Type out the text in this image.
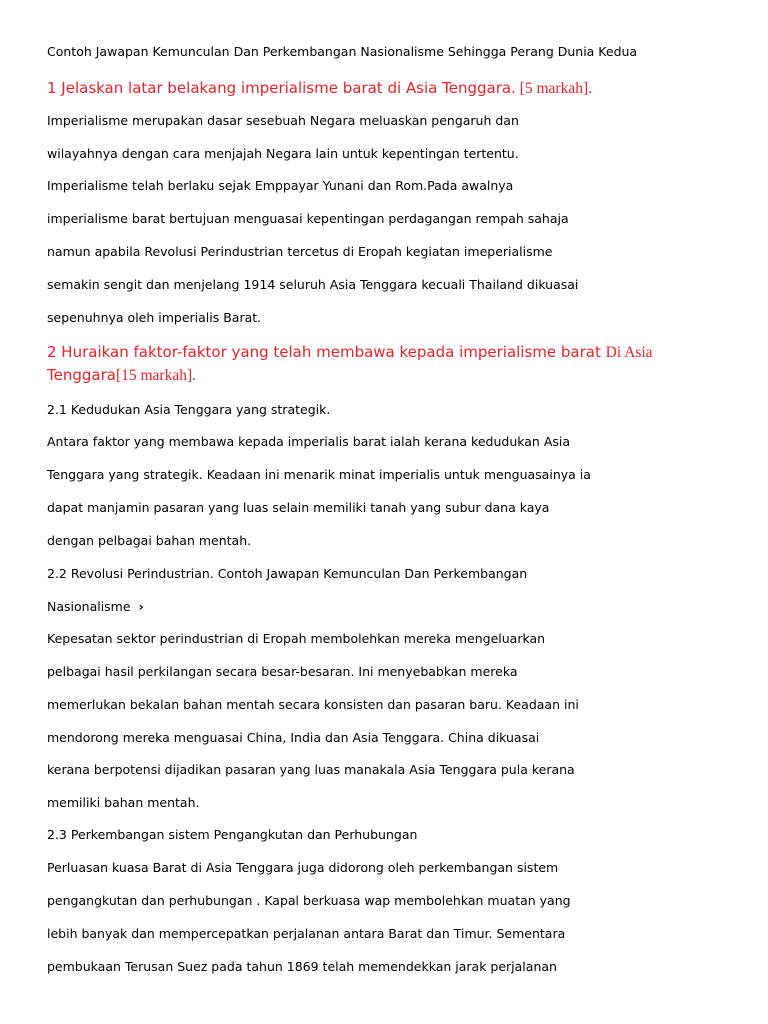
Contoh Jawapan Kemunculan Dan Perkembangan Nasionalisme Sehingga Perang Dunia Kedua
1 Jelaskan latar belakang imperialisme barat di Asia Tenggara. [5 markah].
Imperialisme merupakan dasar sesebuah Negara meluaskan pengaruh dan
wilayahnya dengan cara menjajah Negara lain untuk kepentingan tertentu.
Imperialisme telah berlaku sejak Emppayar Yunani dan Rom.Pada awalnya
imperialisme barat bertujuan menguasai kepentingan perdagangan rempah sahaja
namun apabila Revolusi Perindustrian tercetus di Eropah kegiatan imeperialisme
semakin sengit dan menjelang 1914 seluruh Asia Tenggara kecuali Thailand dikuasai
sepenuhnya oleh imperialis Barat.
2 Huraikan faktor-faktor yang telah membawa kepada imperialisme barat Di Asia
Tenggara[15 markah].
2.1 Kedudukan Asia Tenggara yang strategik.
Antara faktor yang membawa kepada imperialis barat ialah kerana kedudukan Asia
Tenggara yang strategik. Keadaan ini menarik minat imperialis untuk menguasainya ia
dapat manjamin pasaran yang luas selain memiliki tanah yang subur dana kaya
dengan pelbagai bahan mentah.
2.2 Revolusi Perindustrian. Contoh Jawapan Kemunculan Dan Perkembangan
Nasionalisme ›
Kepesatan sektor perindustrian di Eropah membolehkan mereka mengeluarkan
pelbagai hasil perkilangan secara besar-besaran. Ini menyebabkan mereka
memerlukan bekalan bahan mentah secara konsisten dan pasaran baru. Keadaan ini
mendorong mereka menguasai China, India dan Asia Tenggara. China dikuasai
kerana berpotensi dijadikan pasaran yang luas manakala Asia Tenggara pula kerana
memiliki bahan mentah.
2.3 Perkembangan sistem Pengangkutan dan Perhubungan
Perluasan kuasa Barat di Asia Tenggara juga didorong oleh perkembangan sistem
pengangkutan dan perhubungan . Kapal berkuasa wap membolehkan muatan yang
lebih banyak dan mempercepatkan perjalanan antara Barat dan Timur. Sementara
pembukaan Terusan Suez pada tahun 1869 telah memendekkan jarak perjalanan
